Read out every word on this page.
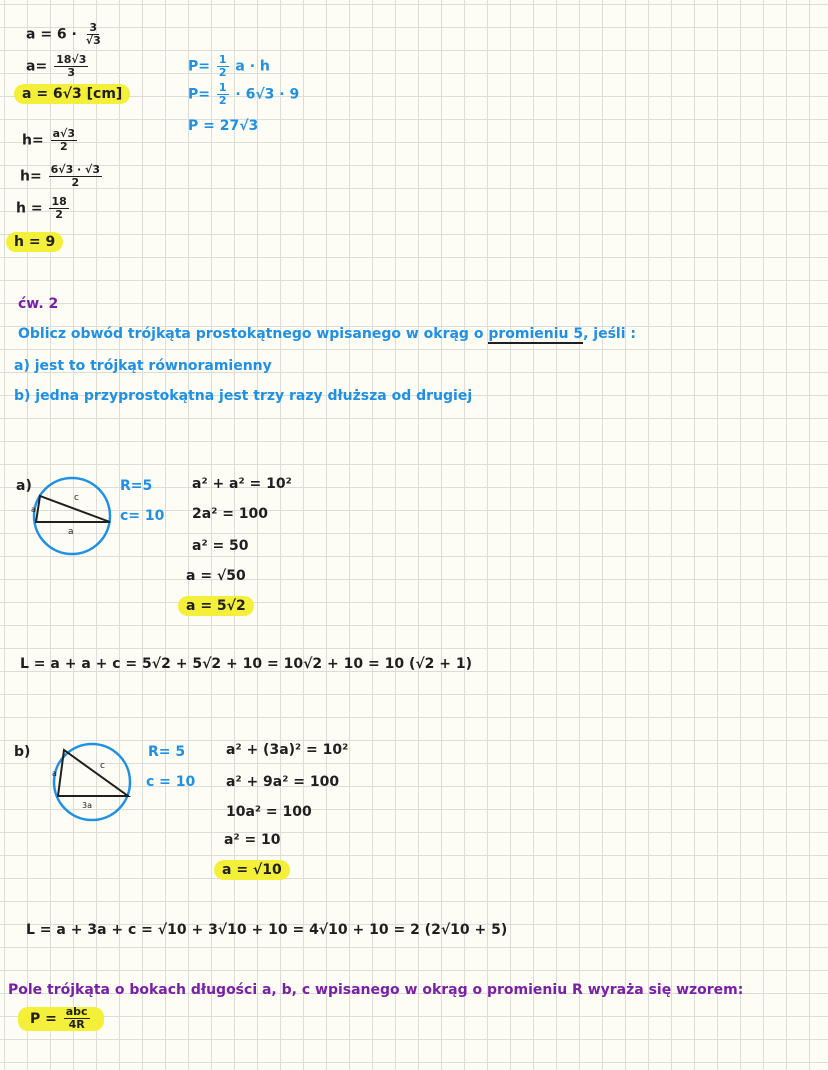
$a = 6 \cdot \frac{3}{√3}$
$a= \frac{18√3}{3}$
a = 6√3 [cm]
$h= \frac{a√3}{2}$
$h= \frac{6√3 \cdot √3}{2}$
$h = \frac{18}{2}$
h = 9
$P= \frac{1}{2}$ a · h
$P= \frac{1}{2} \cdot 6√3 \cdot 9$
P = 27√3
ćw. 2
Oblicz obwód trójkąta prostokątnego wpisanego w okrąg o promieniu 5, jeśli :
a) jest to trójkąt równoramienny
b) jedna przyprostokątna jest trzy razy dłuższa od drugiej
a)
c
a
a
R=5
c= 10
a² + a² = 10²
2a² = 100
a² = 50
a = √50
a = 5√2
L = a + a + c = 5√2 + 5√2 + 10 = 10√2 + 10 = 10 (√2 + 1)
b)
c
a
3a
R= 5
c = 10
a² + (3a)² = 10²
a² + 9a² = 100
10a² = 100
a² = 10
a = √10
L = a + 3a + c = √10 + 3√10 + 10 = 4√10 + 10 = 2 (2√10 + 5)
Pole trójkąta o bokach długości a, b, c wpisanego w okrąg o promieniu R wyraża się wzorem:
$P = \frac{\text{abc}}{4R}$
